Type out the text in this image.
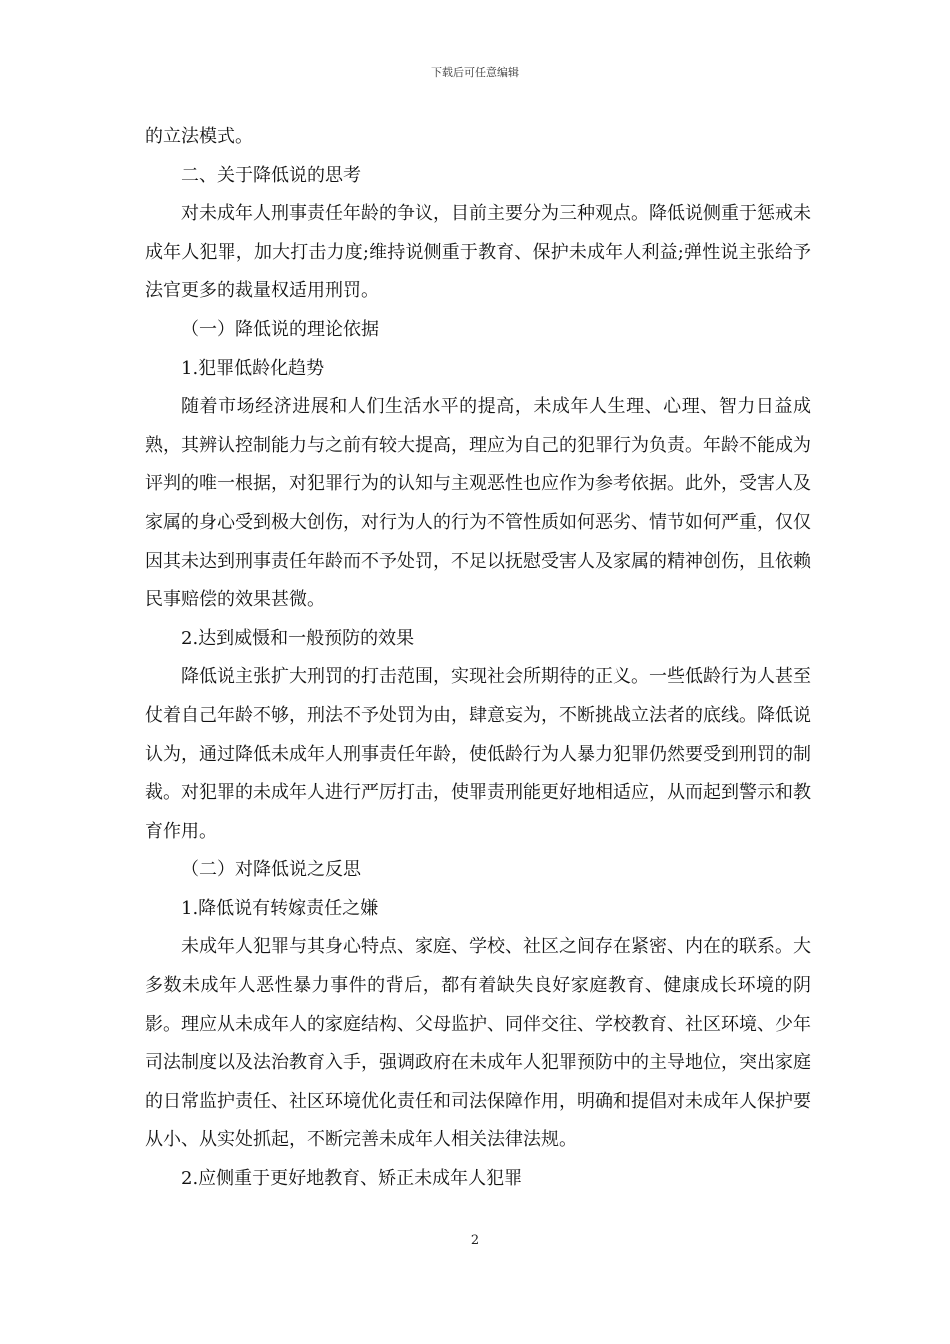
下载后可任意编辑

的立法模式。

二、关于降低说的思考

对未成年人刑事责任年龄的争议，目前主要分为三种观点。降低说侧重于惩戒未成年人犯罪，加大打击力度;维持说侧重于教育、保护未成年人利益;弹性说主张给予法官更多的裁量权适用刑罚。

（一）降低说的理论依据

1.犯罪低龄化趋势

随着市场经济进展和人们生活水平的提高，未成年人生理、心理、智力日益成熟，其辨认控制能力与之前有较大提高，理应为自己的犯罪行为负责。年龄不能成为评判的唯一根据，对犯罪行为的认知与主观恶性也应作为参考依据。此外，受害人及家属的身心受到极大创伤，对行为人的行为不管性质如何恶劣、情节如何严重，仅仅因其未达到刑事责任年龄而不予处罚，不足以抚慰受害人及家属的精神创伤，且依赖民事赔偿的效果甚微。

2.达到威慑和一般预防的效果

降低说主张扩大刑罚的打击范围，实现社会所期待的正义。一些低龄行为人甚至仗着自己年龄不够，刑法不予处罚为由，肆意妄为，不断挑战立法者的底线。降低说认为，通过降低未成年人刑事责任年龄，使低龄行为人暴力犯罪仍然要受到刑罚的制裁。对犯罪的未成年人进行严厉打击，使罪责刑能更好地相适应，从而起到警示和教育作用。

（二）对降低说之反思

1.降低说有转嫁责任之嫌

未成年人犯罪与其身心特点、家庭、学校、社区之间存在紧密、内在的联系。大多数未成年人恶性暴力事件的背后，都有着缺失良好家庭教育、健康成长环境的阴影。理应从未成年人的家庭结构、父母监护、同伴交往、学校教育、社区环境、少年司法制度以及法治教育入手，强调政府在未成年人犯罪预防中的主导地位，突出家庭的日常监护责任、社区环境优化责任和司法保障作用，明确和提倡对未成年人保护要从小、从实处抓起，不断完善未成年人相关法律法规。

2.应侧重于更好地教育、矫正未成年人犯罪

2
